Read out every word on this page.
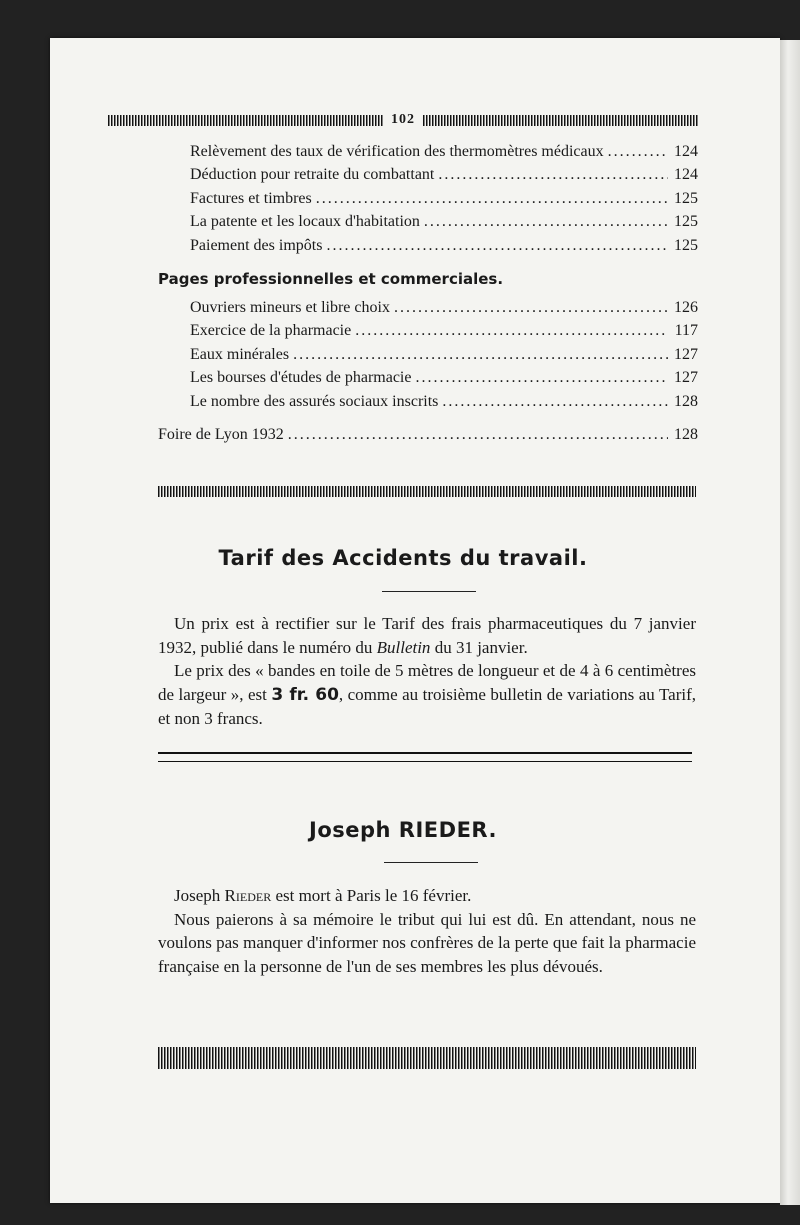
102
Relèvement des taux de vérification des thermomètres médicaux .....	124
Déduction pour retraite du combattant .....	124
Factures et timbres .....	125
La patente et les locaux d'habitation .....	125
Paiement des impôts .....	125
Pages professionnelles et commerciales.
Ouvriers mineurs et libre choix .....	126
Exercice de la pharmacie .....	117
Eaux minérales .....	127
Les bourses d'études de pharmacie .....	127
Le nombre des assurés sociaux inscrits .....	128
Foire de Lyon 1932 .....	128
Tarif des Accidents du travail.

Un prix est à rectifier sur le Tarif des frais pharmaceutiques du 7 janvier 1932, publié dans le numéro du Bulletin du 31 janvier.

Le prix des « bandes en toile de 5 mètres de longueur et de 4 à 6 centimètres de largeur », est 3 fr. 60, comme au troisième bulletin de variations au Tarif, et non 3 francs.

Joseph RIEDER.

Joseph Rieder est mort à Paris le 16 février.

Nous paierons à sa mémoire le tribut qui lui est dû. En attendant, nous ne voulons pas manquer d'informer nos confrères de la perte que fait la pharmacie française en la personne de l'un de ses membres les plus dévoués.
